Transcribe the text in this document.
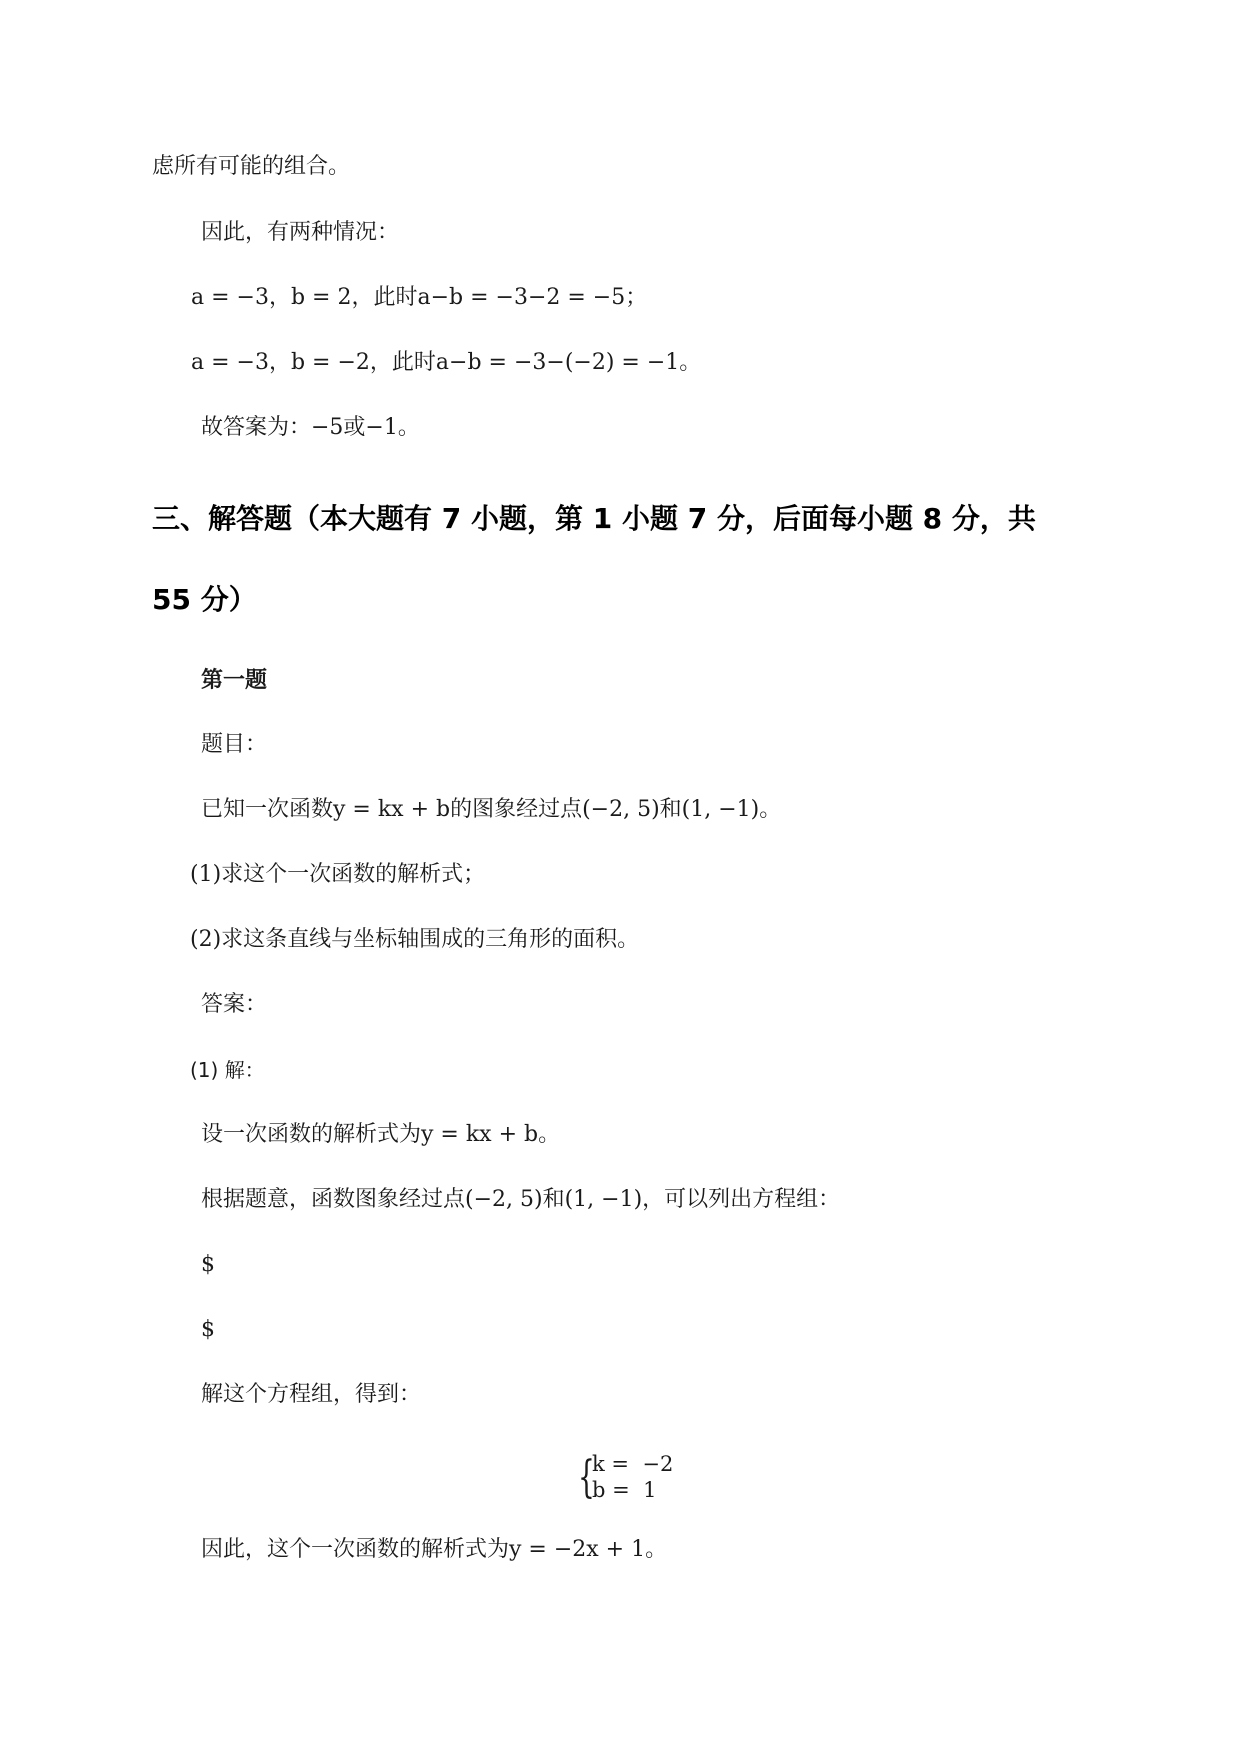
虑所有可能的组合。
因此，有两种情况：
a = −3，b = 2，此时a−b = −3−2 = −5；
a = −3，b = −2，此时a−b = −3−(−2) = −1。
故答案为：−5或−1。
三、解答题（本大题有 7 小题，第 1 小题 7 分，后面每小题 8 分，共
55 分）
第一题
题目：
已知一次函数y = kx + b的图象经过点(−2, 5)和(1, −1)。
(1)求这个一次函数的解析式；
(2)求这条直线与坐标轴围成的三角形的面积。
答案：
(1) 解：
设一次函数的解析式为y = kx + b。
根据题意，函数图象经过点(−2, 5)和(1, −1)，可以列出方程组：
$
$
解这个方程组，得到：
{
k =  −2
b =  1
因此，这个一次函数的解析式为y = −2x + 1。
